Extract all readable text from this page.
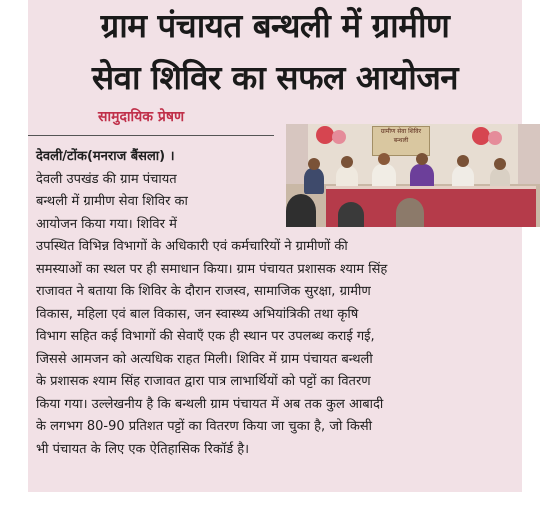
ग्राम पंचायत बन्थली में ग्रामीण
सेवा शिविर का सफल आयोजन
सामुदायिक प्रेषण
देवली/टोंक(मनराज बैंसला) ।
देवली उपखंड की ग्राम पंचायत
बन्थली में ग्रामीण सेवा शिविर का
आयोजन किया गया। शिविर में
उपस्थित विभिन्न विभागों के अधिकारी एवं कर्मचारियों ने ग्रामीणों की
समस्याओं का स्थल पर ही समाधान किया। ग्राम पंचायत प्रशासक श्याम सिंह
राजावत ने बताया कि शिविर के दौरान राजस्व, सामाजिक सुरक्षा, ग्रामीण
विकास, महिला एवं बाल विकास, जन स्वास्थ्य अभियांत्रिकी तथा कृषि
विभाग सहित कई विभागों की सेवाएँ एक ही स्थान पर उपलब्ध कराई गई,
जिससे आमजन को अत्यधिक राहत मिली। शिविर में ग्राम पंचायत बन्थली
के प्रशासक श्याम सिंह राजावत द्वारा पात्र लाभार्थियों को पट्टों का वितरण
किया गया। उल्लेखनीय है कि बन्थली ग्राम पंचायत में अब तक कुल आबादी
के लगभग 80-90 प्रतिशत पट्टों का वितरण किया जा चुका है, जो किसी
भी पंचायत के लिए एक ऐतिहासिक रिकॉर्ड है।
ग्रामीण सेवा शिविर
बन्थली
